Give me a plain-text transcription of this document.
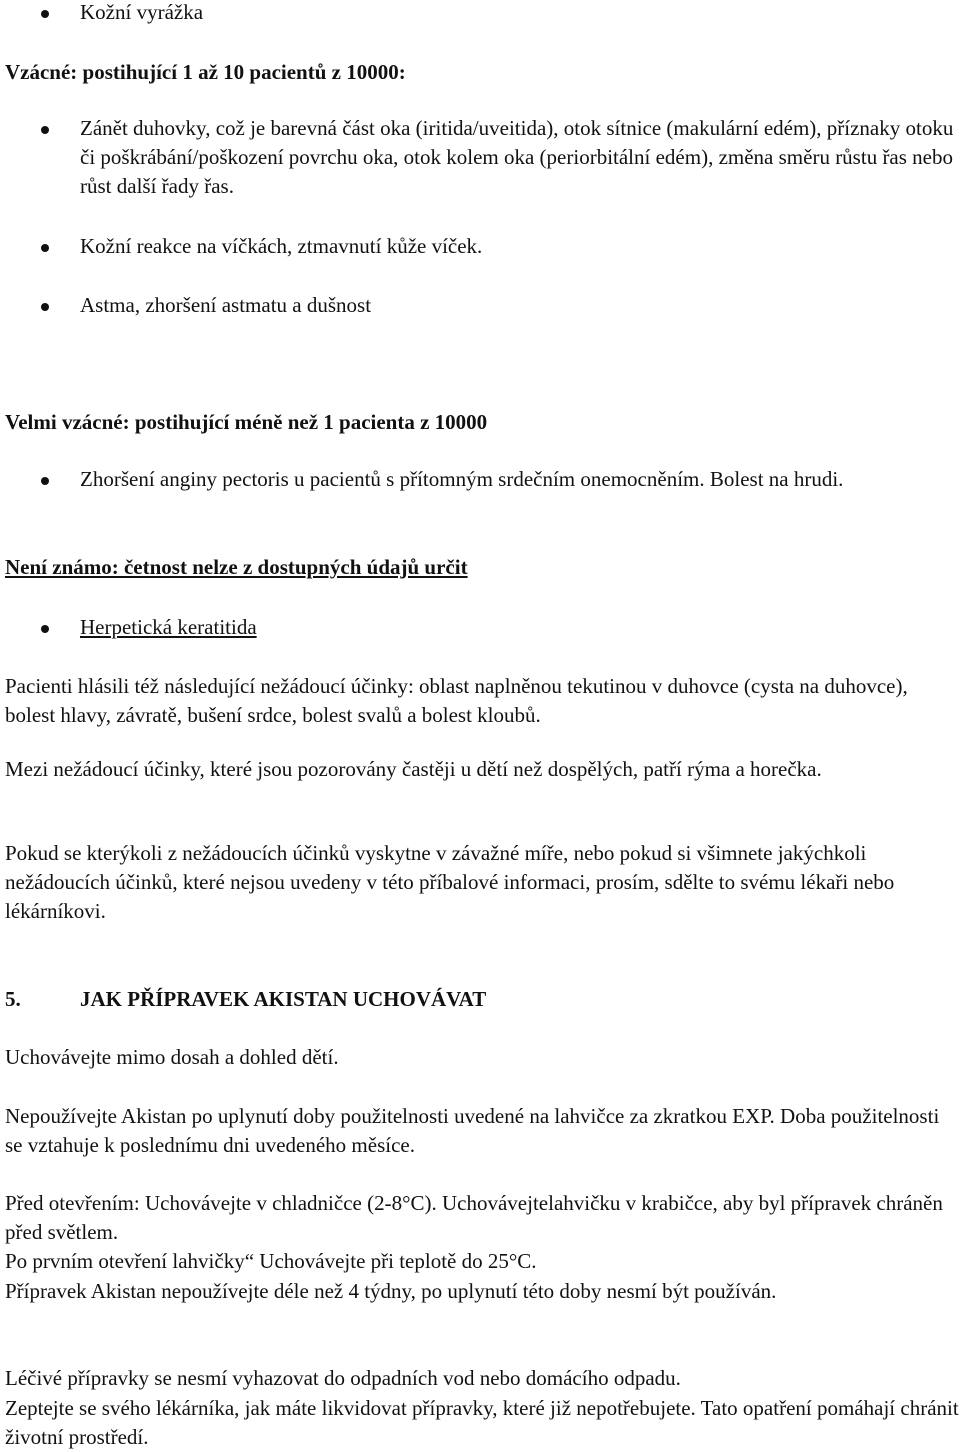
Kožní vyrážka

Vzácné: postihující 1 až 10 pacientů z 10000:

Zánět duhovky, což je barevná část oka (iritida/uveitida), otok sítnice (makulární edém), příznaky otoku či poškrábání/poškození povrchu oka, otok kolem oka (periorbitální edém), změna směru růstu řas nebo růst další řady řas.

Kožní reakce na víčkách, ztmavnutí kůže víček.

Astma, zhoršení astmatu a dušnost

Velmi vzácné: postihující méně než 1 pacienta z 10000

Zhoršení anginy pectoris u pacientů s přítomným srdečním onemocněním. Bolest na hrudi.

Není známo: četnost nelze z dostupných údajů určit

Herpetická keratitida

Pacienti hlásili též následující nežádoucí účinky: oblast naplněnou tekutinou v duhovce (cysta na duhovce), bolest hlavy, závratě, bušení srdce, bolest svalů a bolest kloubů.

Mezi nežádoucí účinky, které jsou pozorovány častěji u dětí než dospělých, patří rýma a horečka.

Pokud se kterýkoli z nežádoucích účinků vyskytne v závažné míře, nebo pokud si všimnete jakýchkoli nežádoucích účinků, které nejsou uvedeny v této příbalové informaci, prosím, sdělte to svému lékaři nebo lékárníkovi.

5.	JAK PŘÍPRAVEK AKISTAN UCHOVÁVAT

Uchovávejte mimo dosah a dohled dětí.

Nepoužívejte Akistan po uplynutí doby použitelnosti uvedené na lahvičce za zkratkou EXP. Doba použitelnosti se vztahuje k poslednímu dni uvedeného měsíce.

Před otevřením: Uchovávejte v chladničce (2-8°C). Uchovávejtelahvičku v krabičce, aby byl přípravek chráněn před světlem.

Po prvním otevření lahvičky“ Uchovávejte při teplotě do 25°C.

Přípravek Akistan nepoužívejte déle než 4 týdny, po uplynutí této doby nesmí být používán.

Léčivé přípravky se nesmí vyhazovat do odpadních vod nebo domácího odpadu.

Zeptejte se svého lékárníka, jak máte likvidovat přípravky, které již nepotřebujete. Tato opatření pomáhají chránit životní prostředí.
